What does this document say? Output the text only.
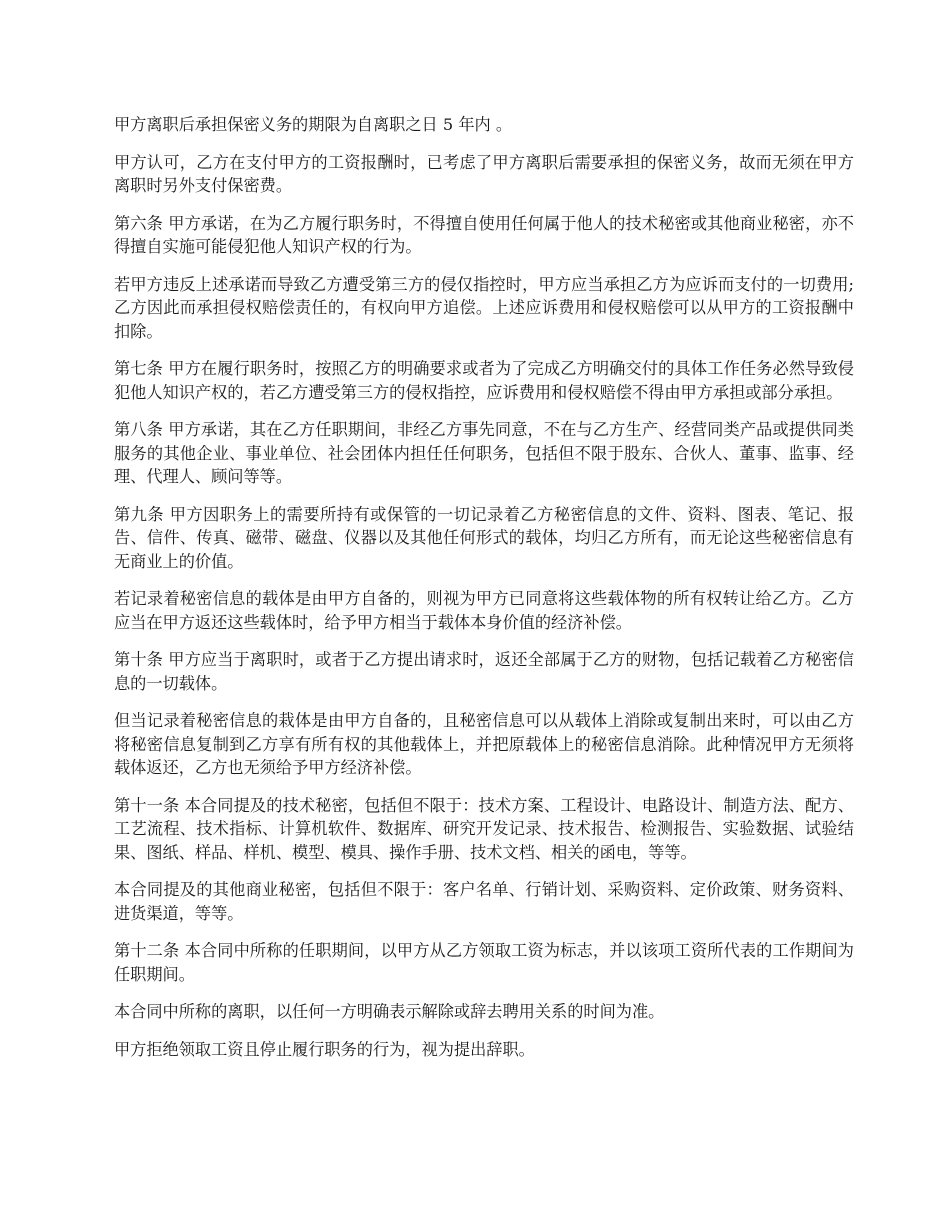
甲方离职后承担保密义务的期限为自离职之日 5 年内 。

甲方认可，乙方在支付甲方的工资报酬时，已考虑了甲方离职后需要承担的保密义务，故而无须在甲方离职时另外支付保密费。

第六条 甲方承诺，在为乙方履行职务时，不得擅自使用任何属于他人的技术秘密或其他商业秘密，亦不得擅自实施可能侵犯他人知识产权的行为。

若甲方违反上述承诺而导致乙方遭受第三方的侵仅指控时，甲方应当承担乙方为应诉而支付的一切费用;乙方因此而承担侵权赔偿责任的，有权向甲方追偿。上述应诉费用和侵权赔偿可以从甲方的工资报酬中扣除。

第七条 甲方在履行职务时，按照乙方的明确要求或者为了完成乙方明确交付的具体工作任务必然导致侵犯他人知识产权的，若乙方遭受第三方的侵权指控，应诉费用和侵权赔偿不得由甲方承担或部分承担。

第八条 甲方承诺，其在乙方任职期间，非经乙方事先同意，不在与乙方生产、经营同类产品或提供同类服务的其他企业、事业单位、社会团体内担任任何职务，包括但不限于股东、合伙人、董事、监事、经理、代理人、顾问等等。

第九条 甲方因职务上的需要所持有或保管的一切记录着乙方秘密信息的文件、资料、图表、笔记、报告、信件、传真、磁带、磁盘、仪器以及其他任何形式的载体，均归乙方所有，而无论这些秘密信息有无商业上的价值。

若记录着秘密信息的载体是由甲方自备的，则视为甲方已同意将这些载体物的所有权转让给乙方。乙方应当在甲方返还这些载体时，给予甲方相当于载体本身价值的经济补偿。

第十条 甲方应当于离职时，或者于乙方提出请求时，返还全部属于乙方的财物，包括记载着乙方秘密信息的一切载体。

但当记录着秘密信息的栽体是由甲方自备的，且秘密信息可以从载体上消除或复制出来时，可以由乙方将秘密信息复制到乙方享有所有权的其他载体上，并把原载体上的秘密信息消除。此种情况甲方无须将载体返还，乙方也无须给予甲方经济补偿。

第十一条 本合同提及的技术秘密，包括但不限于：技术方案、工程设计、电路设计、制造方法、配方、工艺流程、技术指标、计算机软件、数据库、研究开发记录、技术报告、检测报告、实验数据、试验结果、图纸、样品、样机、模型、模具、操作手册、技术文档、相关的函电，等等。

本合同提及的其他商业秘密，包括但不限于：客户名单、行销计划、采购资料、定价政策、财务资料、进货渠道，等等。

第十二条 本合同中所称的任职期间，以甲方从乙方领取工资为标志，并以该项工资所代表的工作期间为任职期间。

本合同中所称的离职，以任何一方明确表示解除或辞去聘用关系的时间为准。

甲方拒绝领取工资且停止履行职务的行为，视为提出辞职。
